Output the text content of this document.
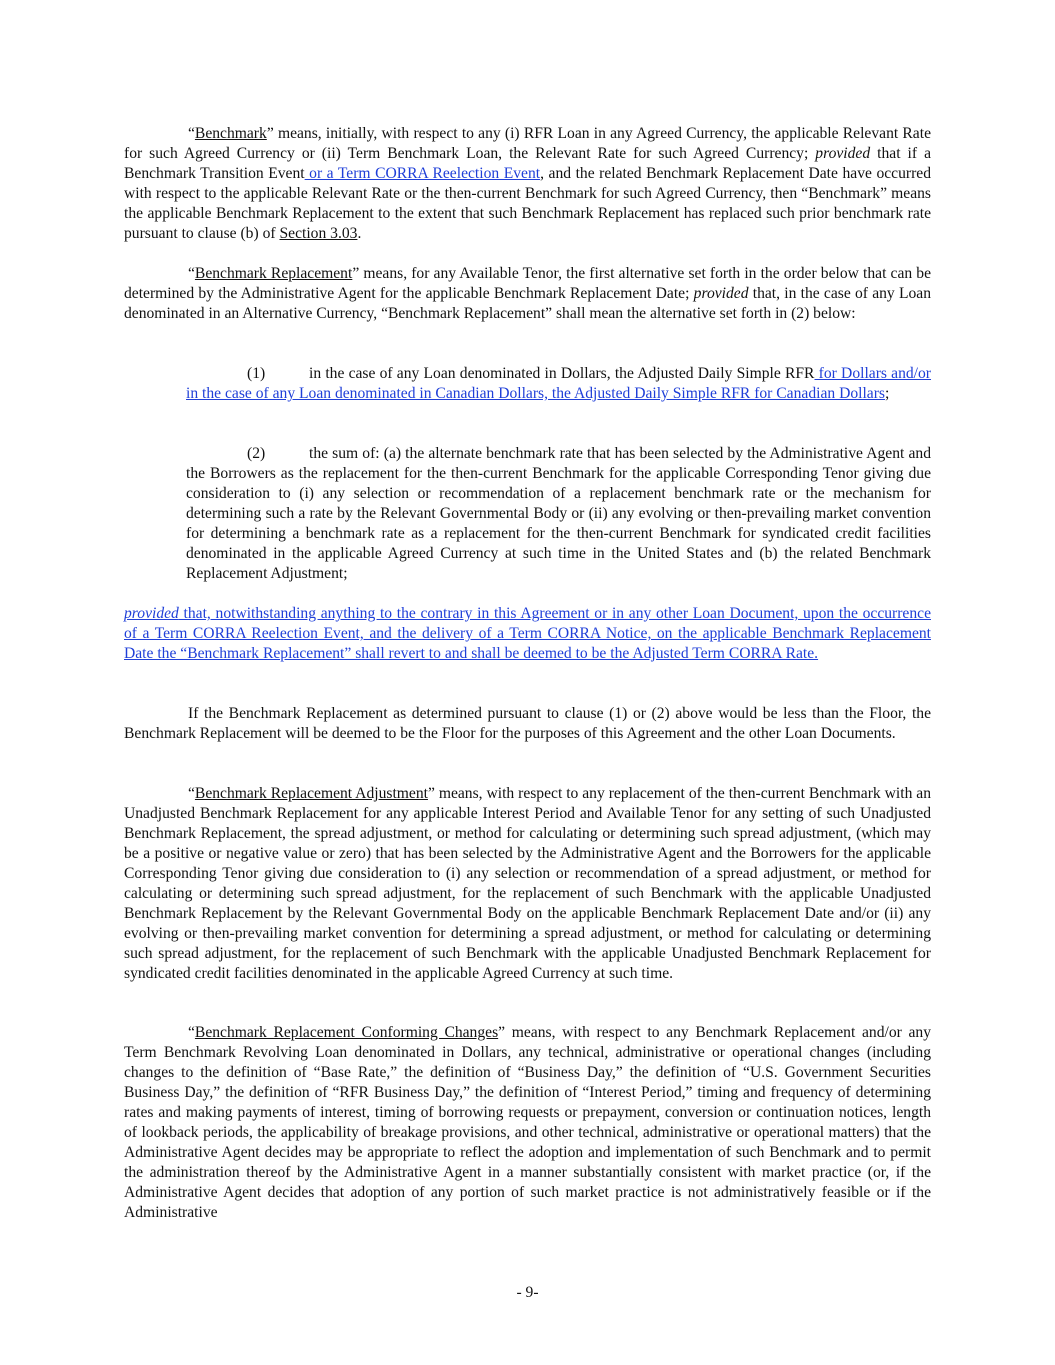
“Benchmark” means, initially, with respect to any (i) RFR Loan in any Agreed Currency, the applicable Relevant Rate for such Agreed Currency or (ii) Term Benchmark Loan, the Relevant Rate for such Agreed Currency; provided that if a Benchmark Transition Event or a Term CORRA Reelection Event, and the related Benchmark Replacement Date have occurred with respect to the applicable Relevant Rate or the then-current Benchmark for such Agreed Currency, then “Benchmark” means the applicable Benchmark Replacement to the extent that such Benchmark Replacement has replaced such prior benchmark rate pursuant to clause (b) of Section 3.03.

“Benchmark Replacement” means, for any Available Tenor, the first alternative set forth in the order below that can be determined by the Administrative Agent for the applicable Benchmark Replacement Date; provided that, in the case of any Loan denominated in an Alternative Currency, “Benchmark Replacement” shall mean the alternative set forth in (2) below:

(1)	in the case of any Loan denominated in Dollars, the Adjusted Daily Simple RFR for Dollars and/or in the case of any Loan denominated in Canadian Dollars, the Adjusted Daily Simple RFR for Canadian Dollars;

(2)	the sum of: (a) the alternate benchmark rate that has been selected by the Administrative Agent and the Borrowers as the replacement for the then-current Benchmark for the applicable Corresponding Tenor giving due consideration to (i) any selection or recommendation of a replacement benchmark rate or the mechanism for determining such a rate by the Relevant Governmental Body or (ii) any evolving or then-prevailing market convention for determining a benchmark rate as a replacement for the then-current Benchmark for syndicated credit facilities denominated in the applicable Agreed Currency at such time in the United States and (b) the related Benchmark Replacement Adjustment;

provided that, notwithstanding anything to the contrary in this Agreement or in any other Loan Document, upon the occurrence of a Term CORRA Reelection Event, and the delivery of a Term CORRA Notice, on the applicable Benchmark Replacement Date the “Benchmark Replacement” shall revert to and shall be deemed to be the Adjusted Term CORRA Rate.

If the Benchmark Replacement as determined pursuant to clause (1) or (2) above would be less than the Floor, the Benchmark Replacement will be deemed to be the Floor for the purposes of this Agreement and the other Loan Documents.

“Benchmark Replacement Adjustment” means, with respect to any replacement of the then-current Benchmark with an Unadjusted Benchmark Replacement for any applicable Interest Period and Available Tenor for any setting of such Unadjusted Benchmark Replacement, the spread adjustment, or method for calculating or determining such spread adjustment, (which may be a positive or negative value or zero) that has been selected by the Administrative Agent and the Borrowers for the applicable Corresponding Tenor giving due consideration to (i) any selection or recommendation of a spread adjustment, or method for calculating or determining such spread adjustment, for the replacement of such Benchmark with the applicable Unadjusted Benchmark Replacement by the Relevant Governmental Body on the applicable Benchmark Replacement Date and/or (ii) any evolving or then-prevailing market convention for determining a spread adjustment, or method for calculating or determining such spread adjustment, for the replacement of such Benchmark with the applicable Unadjusted Benchmark Replacement for syndicated credit facilities denominated in the applicable Agreed Currency at such time.

“Benchmark Replacement Conforming Changes” means, with respect to any Benchmark Replacement and/or any Term Benchmark Revolving Loan denominated in Dollars, any technical, administrative or operational changes (including changes to the definition of “Base Rate,” the definition of “Business Day,” the definition of “U.S. Government Securities Business Day,” the definition of “RFR Business Day,” the definition of “Interest Period,” timing and frequency of determining rates and making payments of interest, timing of borrowing requests or prepayment, conversion or continuation notices, length of lookback periods, the applicability of breakage provisions, and other technical, administrative or operational matters) that the Administrative Agent decides may be appropriate to reflect the adoption and implementation of such Benchmark and to permit the administration thereof by the Administrative Agent in a manner substantially consistent with market practice (or, if the Administrative Agent decides that adoption of any portion of such market practice is not administratively feasible or if the Administrative

- 9-
